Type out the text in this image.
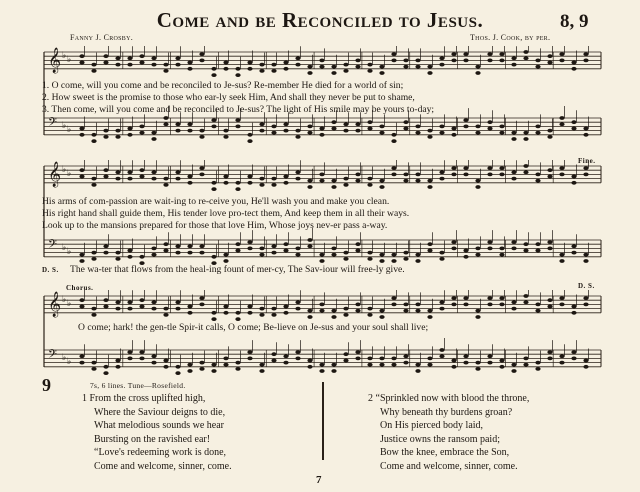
Come and be Reconciled to Jesus.	8, 9
Fanny J. Crosby.	Thos. J. Cook, by per.
𝄞 ♭ ♭
𝄢 ♭ ♭
1. O come, will you come and be reconciled to Je-sus? Re-member He died for a world of sin;
2. How sweet is the promise to those who ear-ly seek Him, And shall they never be put to shame,
3. Then come, will you come and be reconciled to Je-sus? The light of His smile may be yours to-day;
𝄞 ♭ ♭
𝄢 ♭ ♭
Fine.
His arms of com-passion are wait-ing to re-ceive you, He'll wash you and make you clean.
His right hand shall guide them, His tender love pro-tect them, And keep them in all their ways.
Look up to the mansions prepared for those that love Him, Whose joys nev-er pass a-way.
D. S. The wa-ter that flows from the heal-ing fount of mer-cy, The Sav-iour will free-ly give.
Chorus.	D. S.
𝄞 ♭ ♭
𝄢 ♭ ♭
O come; hark! the gen-tle Spir-it calls, O come; Be-lieve on Je-sus and your soul shall live;
9	7s, 6 lines. Tune—Rosefield.
1 From the cross uplifted high,
Where the Saviour deigns to die,
What melodious sounds we hear
Bursting on the ravished ear!
“Love's redeeming work is done,
Come and welcome, sinner, come.
2 “Sprinkled now with blood the throne,
Why beneath thy burdens groan?
On His pierced body laid,
Justice owns the ransom paid;
Bow the knee, embrace the Son,
Come and welcome, sinner, come.
7
